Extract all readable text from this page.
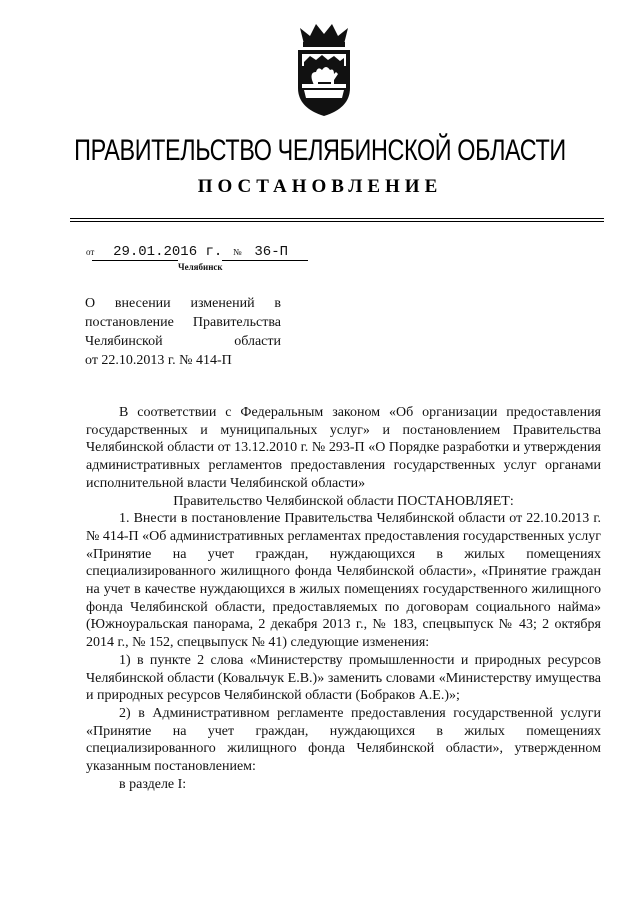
ПРАВИТЕЛЬСТВО ЧЕЛЯБИНСКОЙ ОБЛАСТИ
ПОСТАНОВЛЕНИЕ
от 29.01.2016 г. № 36-П
Челябинск
О внесении изменений в
постановление Правительства
Челябинской области
от 22.10.2013 г. № 414-П

В соответствии с Федеральным законом «Об организации предоставления государственных и муниципальных услуг» и постановлением Правительства Челябинской области от 13.12.2010 г. № 293-П «О Порядке разработки и утверждения административных регламентов предоставления государственных услуг органами исполнительной власти Челябинской области»

Правительство Челябинской области ПОСТАНОВЛЯЕТ:

1. Внести в постановление Правительства Челябинской области от 22.10.2013 г. № 414-П «Об административных регламентах предоставления государственных услуг «Принятие на учет граждан, нуждающихся в жилых помещениях специализированного жилищного фонда Челябинской области», «Принятие граждан на учет в качестве нуждающихся в жилых помещениях государственного жилищного фонда Челябинской области, предоставляемых по договорам социального найма» (Южноуральская панорама, 2 декабря 2013 г., № 183, спецвыпуск № 43; 2 октября 2014 г., № 152, спецвыпуск № 41) следующие изменения:

1) в пункте 2 слова «Министерству промышленности и природных ресурсов Челябинской области (Ковальчук Е.В.)» заменить словами «Министерству имущества и природных ресурсов Челябинской области (Бобраков А.Е.)»;

2) в Административном регламенте предоставления государственной услуги «Принятие на учет граждан, нуждающихся в жилых помещениях специализированного жилищного фонда Челябинской области», утвержденном указанным постановлением:

в разделе I:
